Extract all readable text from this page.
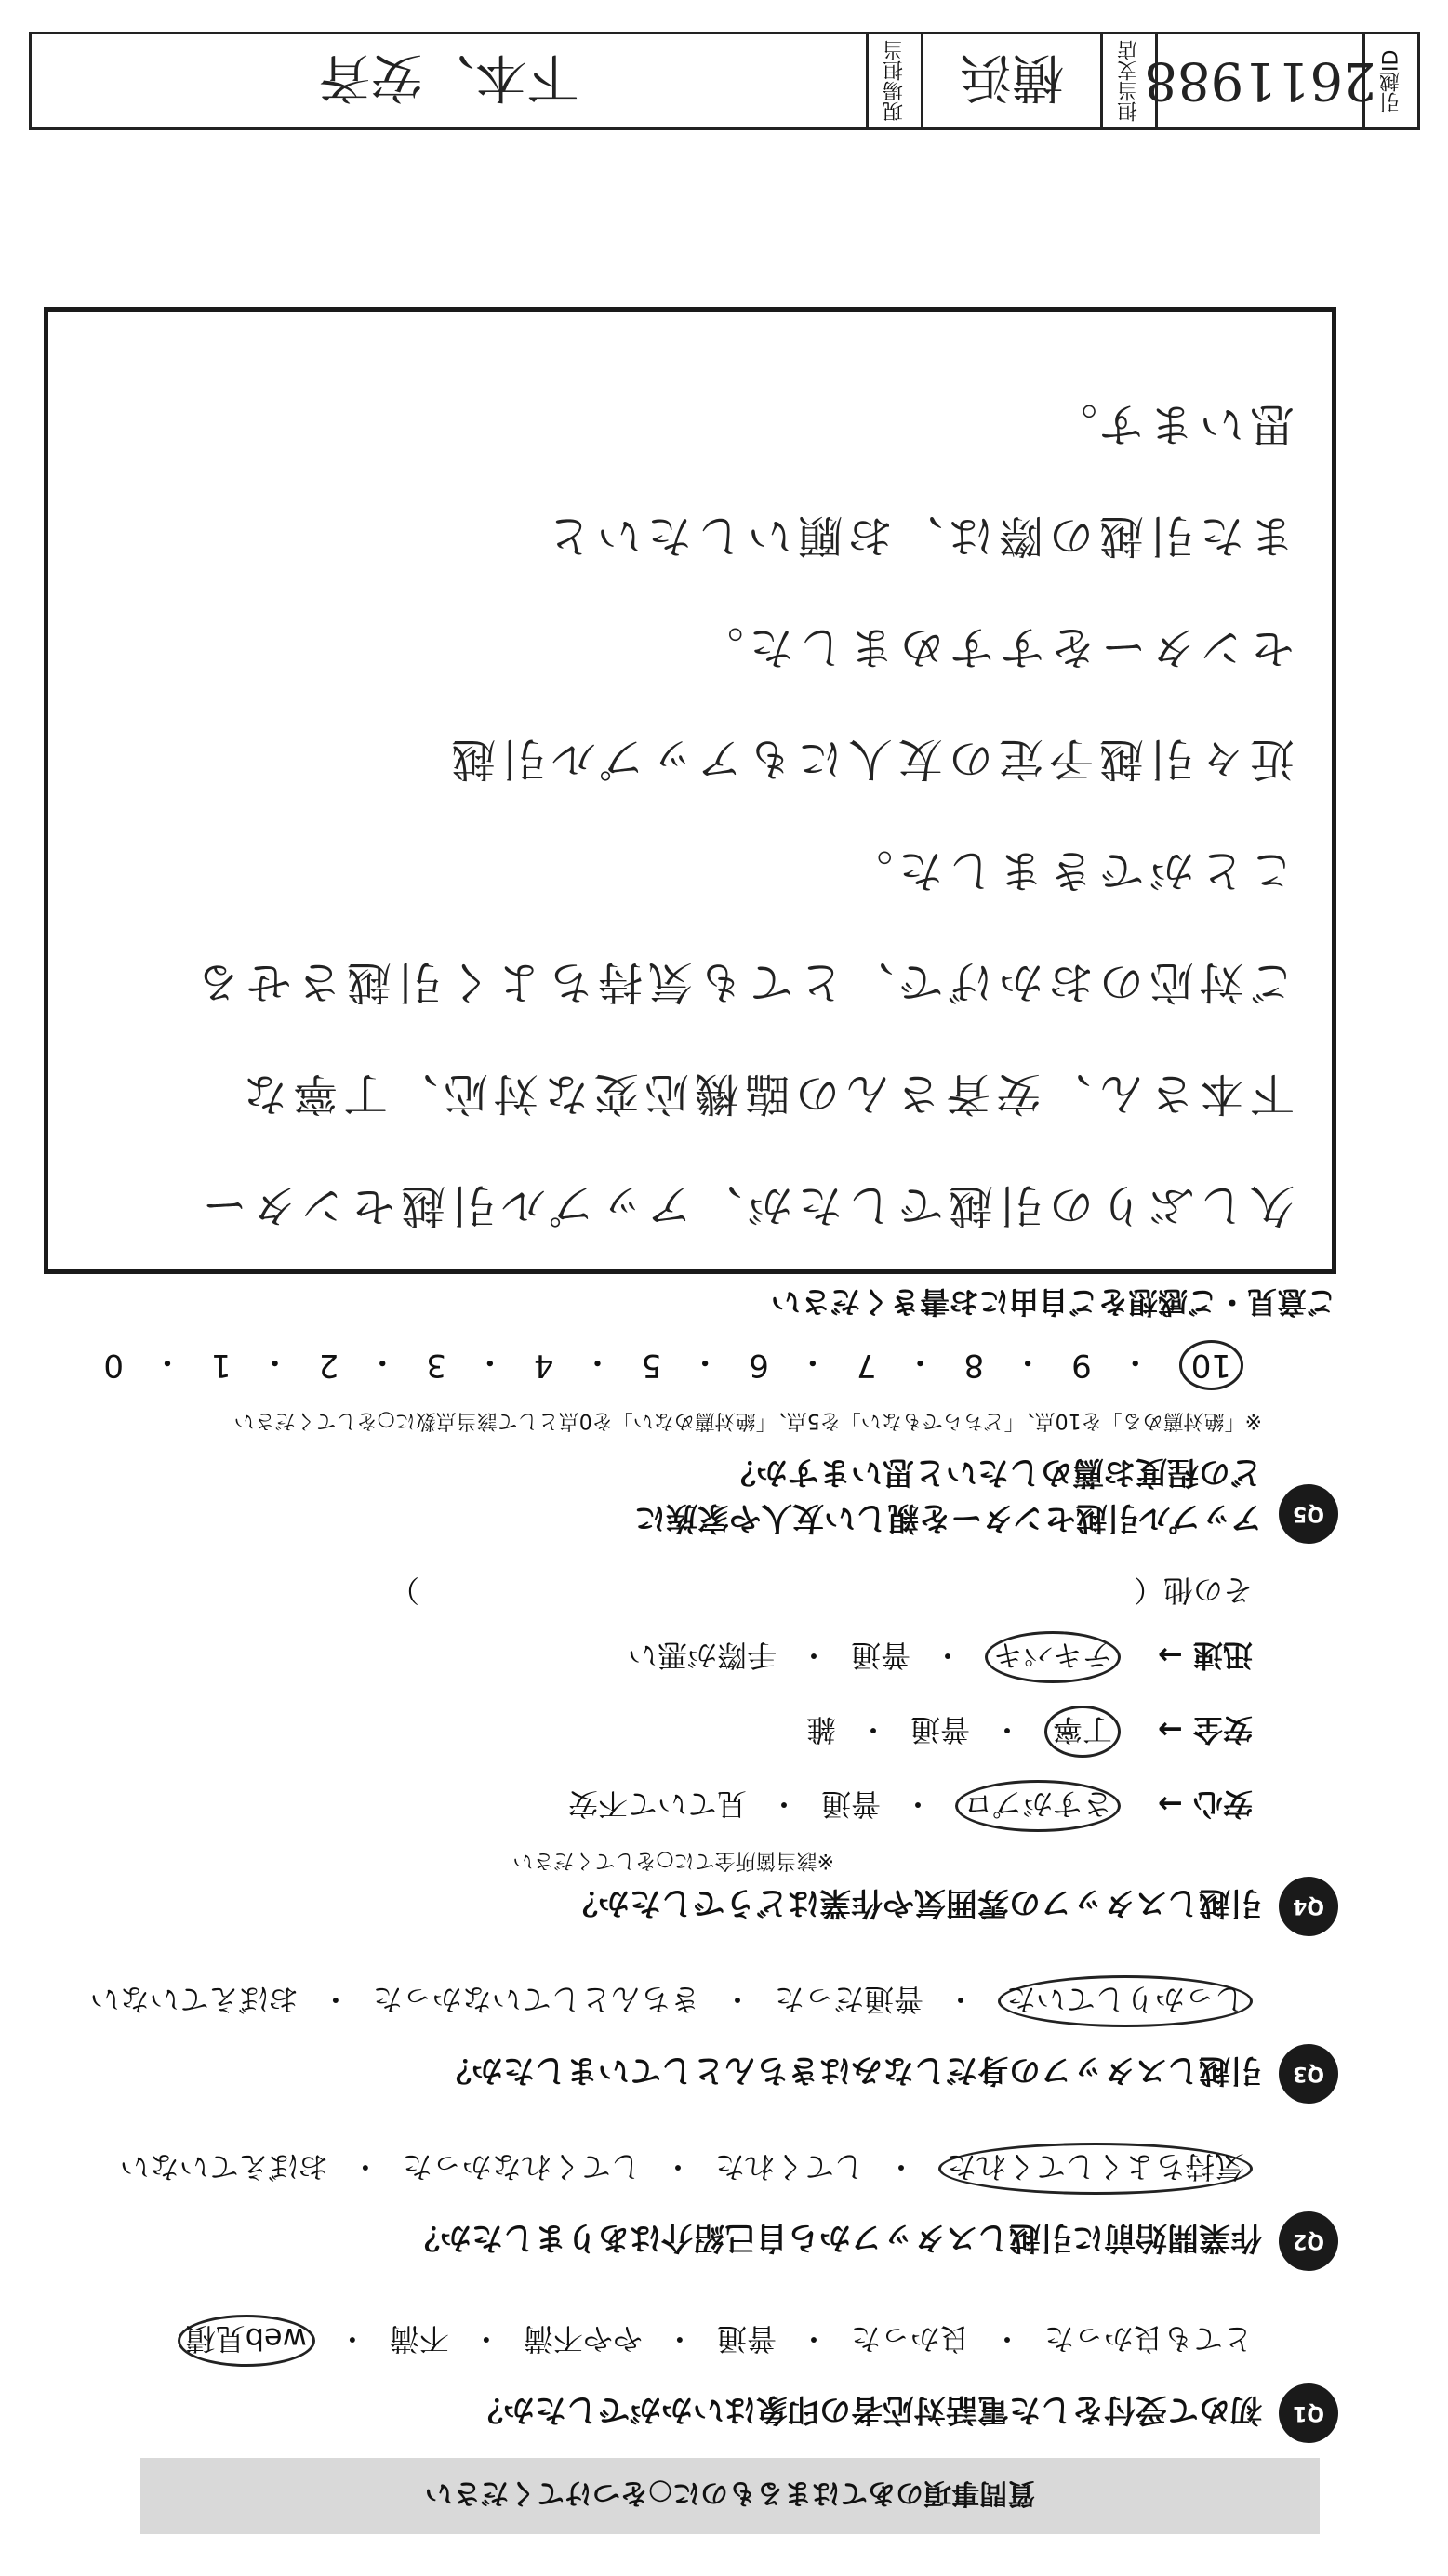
質問事項のあてはまるものに○をつけてください
Q1
初めて受付をした電話対応者の印象はいかがでしたか？
とても良かった
・
良かった
・
普通
・
やや不満
・
不満
・
web見積
Q2
作業開始前に引越しスタッフから自己紹介はありましたか？
気持ちよくしてくれた
・
してくれた
・
してくれなかった
・
おぼえていない
Q3
引越しスタッフの身だしなみはきちんとしていましたか？
しっかりしていた
・
普通だった
・
きちんとしていなかった
・
おぼえていない
Q4
引越しスタッフの雰囲気や作業はどうでしたか？
※該当箇所全てに○をしてください
安心 →
さすがプロ
・
普通
・
見ていて不安
安全 →
丁寧
・
普通
・
雑
迅速 →
テキパキ
・
普通
・
手際が悪い
その他（　　　　　　　　　　　　　　　　　　　　　　　　）
Q5
アップル引越センターを親しい友人や家族に
どの程度お薦めしたいと思いますか？
※「絶対薦める」を10点、「どちらでもない」を5点、「絶対薦めない」を0点として該当点数に○をしてください
10
・
9
・
8
・
7
・
6
・
5
・
4
・
3
・
2
・
1
・
0
ご意見・ご感想をご自由にお書きください
久しぶりの引越でしたが、アップル引越センター
下本さん、安斉さんの臨機応変な対応、丁寧な
ご対応のおかげで、とても気持ちよく引越させる
ことができました。
近々引越予定の友人にもアップル引越
センターをすすめました。
また引越の際は、お願いしたいと
思います。
引越ID
2611988
担当支店
横浜
現場担当
下本、安斉
